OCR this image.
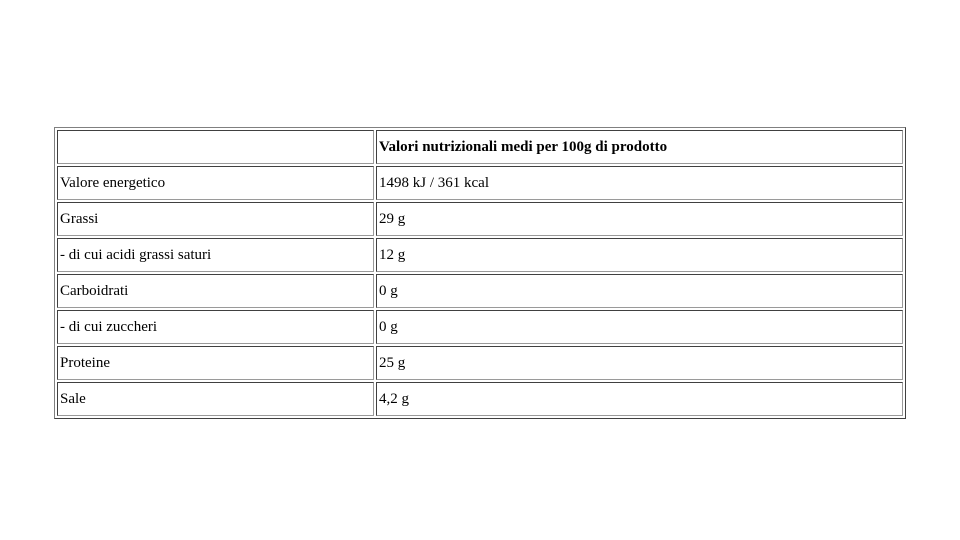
	Valori nutrizionali medi per 100g di prodotto
Valore energetico	1498 kJ / 361 kcal
Grassi	29 g
- di cui acidi grassi saturi	12 g
Carboidrati	0 g
- di cui zuccheri	0 g
Proteine	25 g
Sale	4,2 g
